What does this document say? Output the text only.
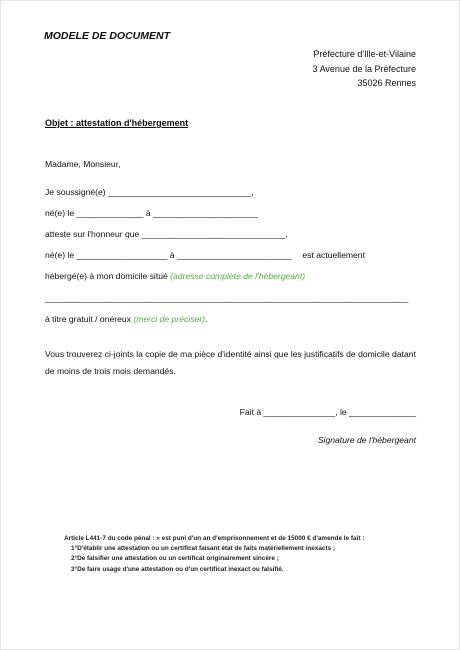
MODELE DE DOCUMENT
Préfecture d'Ille-et-Vilaine
3 Avenue de la Préfecture
35026 Rennes
Objet : attestation d'hébergement
Madame, Monsieur,
Je soussigné(e) ______________________________,
né(e) le ______________ à ______________________
atteste sur l'honneur que ______________________________,
né(e) le ___________________ à ________________________ est actuellement
hébergé(e) à mon domicile situé (adresse complète de l'hébergeant)
____________________________________________________________________________
à titre gratuit / onéreux (merci de préciser).
Vous trouverez ci-joints la copie de ma pièce d'identité ainsi que les justificatifs de domicile datant de moins de trois mois demandés.
Fait à _______________, le ______________
Signature de l'hébergeant
Article L441-7 du code pénal : « est puni d'un an d'emprisonnement et de 15000 € d'amende le fait :
1°D'établir une attestation ou un certificat faisant état de faits matériellement inexacts ;
2°De falsifier une attestation ou un certificat originairement sincère ;
3°De faire usage d'une attestation ou d'un certificat inexact ou falsifié.
